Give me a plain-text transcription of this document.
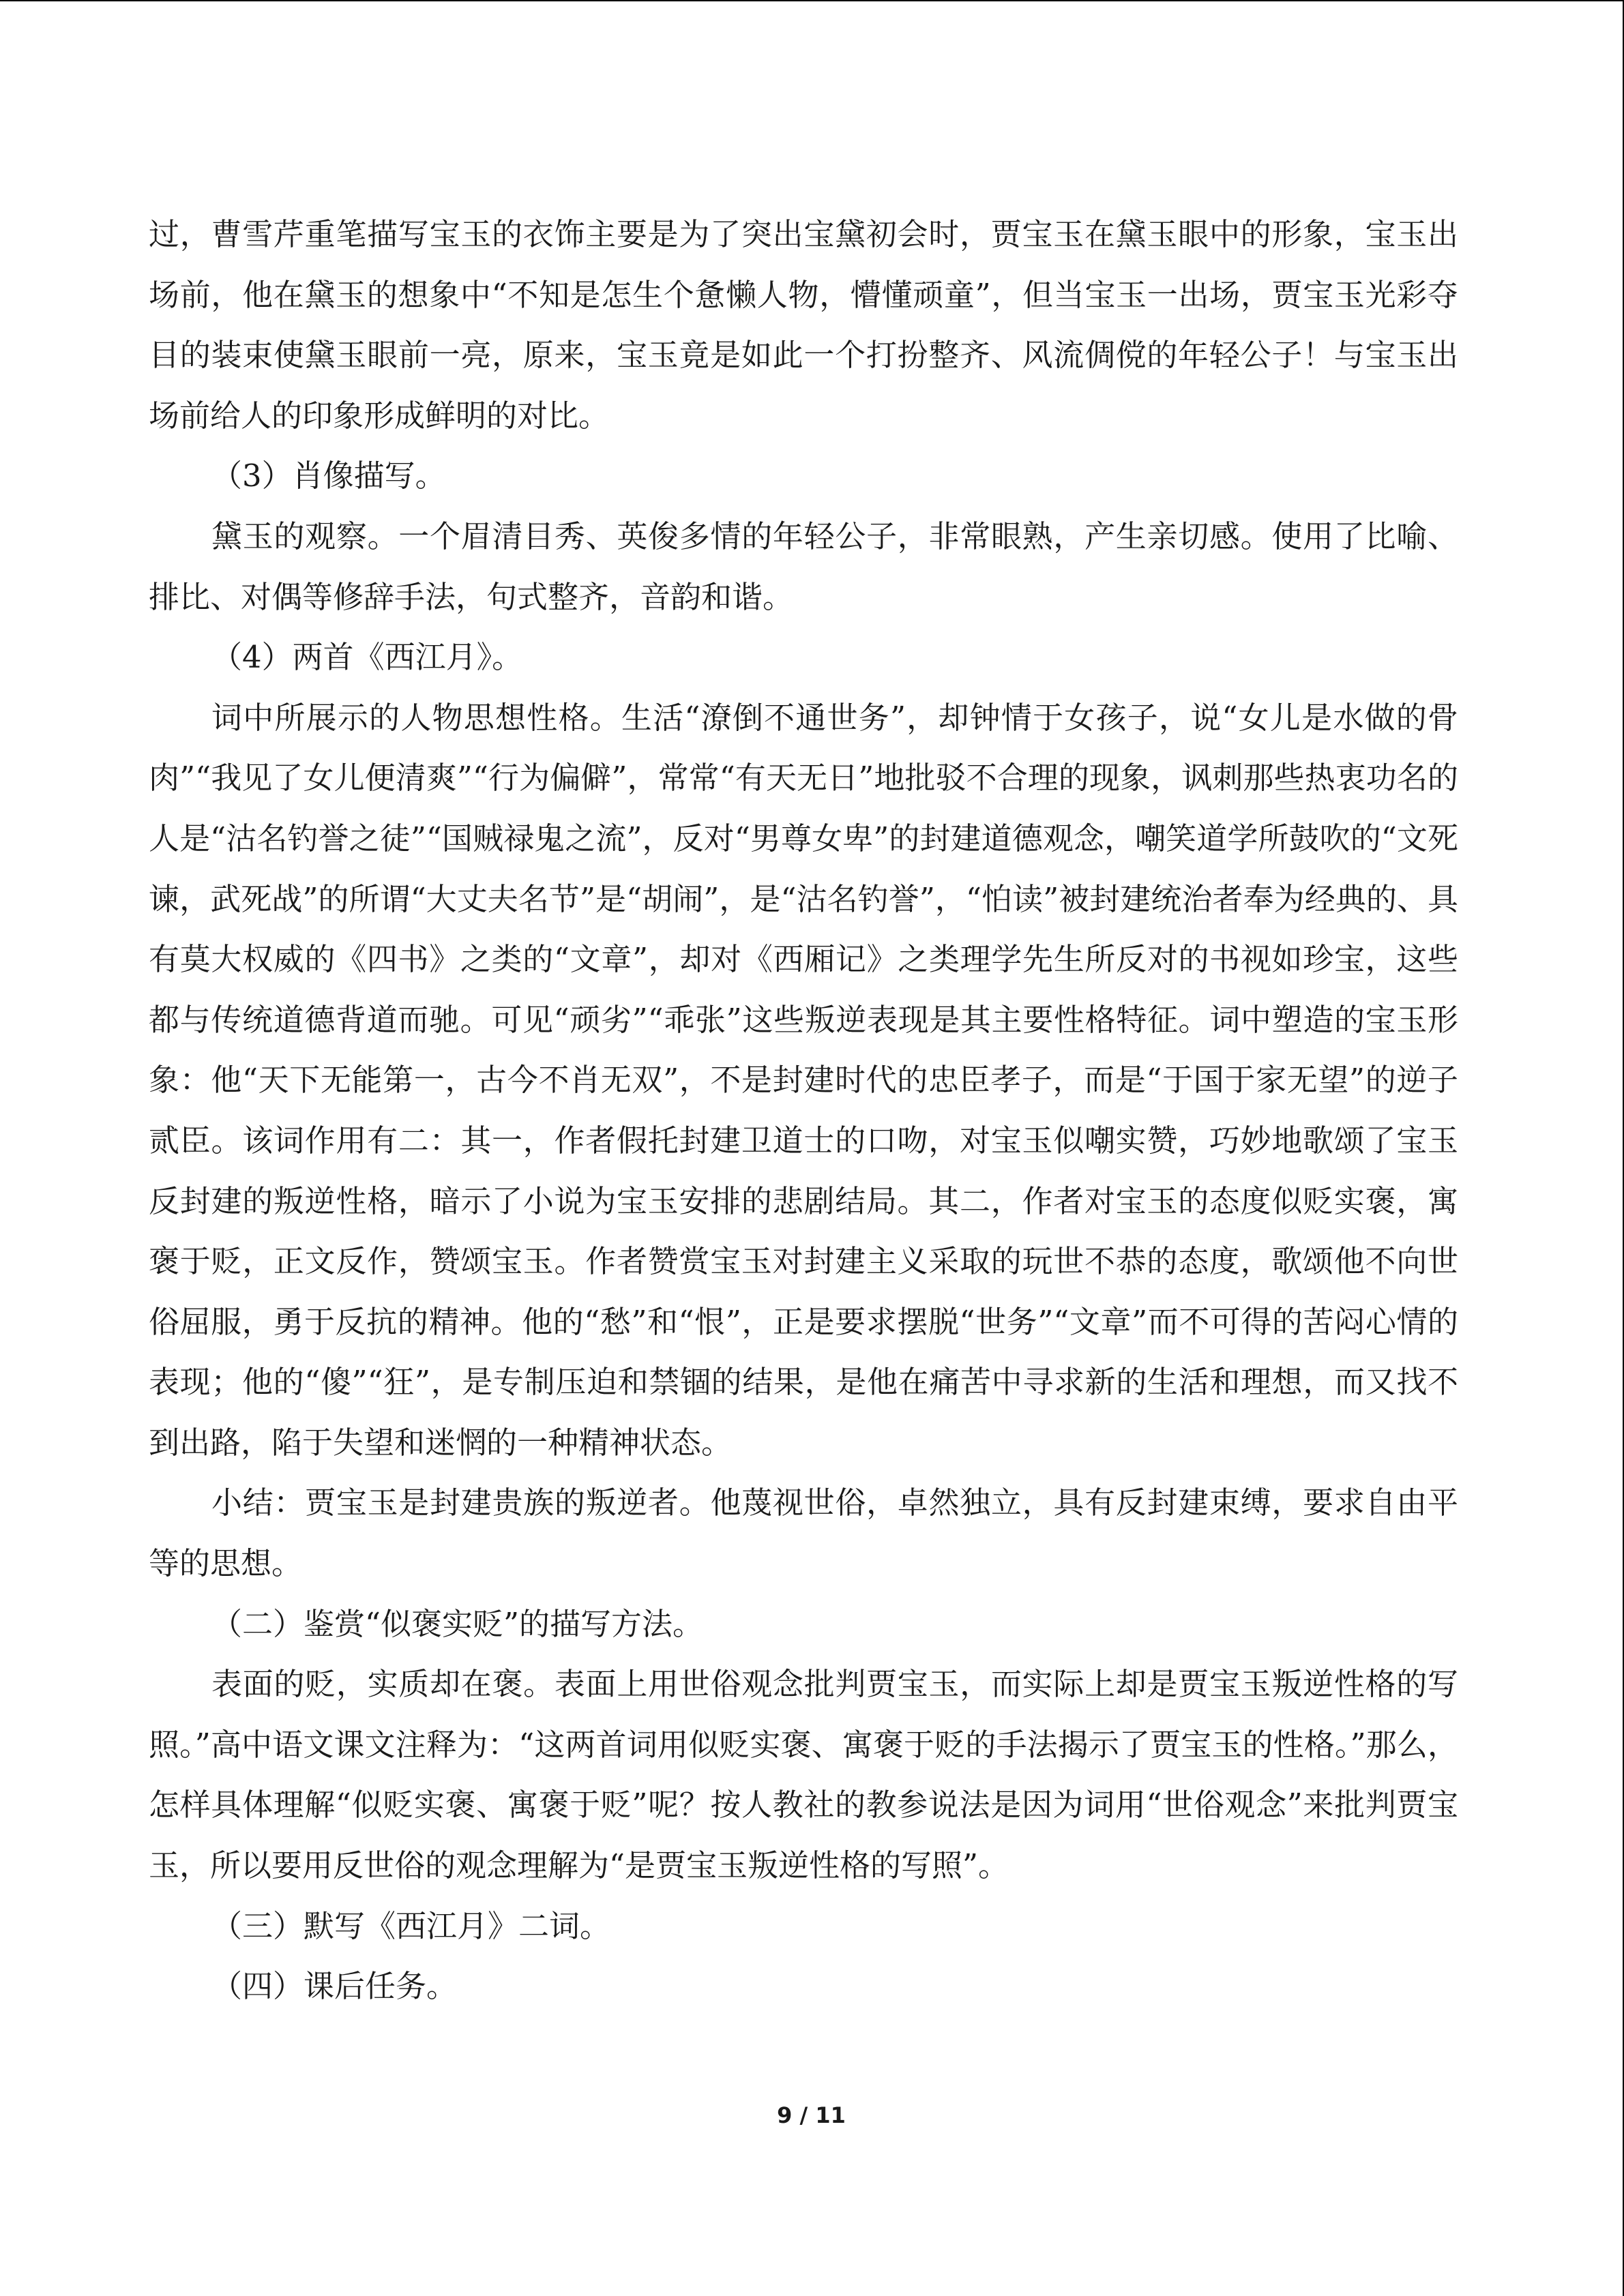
过，曹雪芹重笔描写宝玉的衣饰主要是为了突出宝黛初会时，贾宝玉在黛玉眼中的形象，宝玉出场前，他在黛玉的想象中“不知是怎生个惫懒人物，懵懂顽童”，但当宝玉一出场，贾宝玉光彩夺目的装束使黛玉眼前一亮，原来，宝玉竟是如此一个打扮整齐、风流倜傥的年轻公子！与宝玉出场前给人的印象形成鲜明的对比。

（3）肖像描写。

黛玉的观察。一个眉清目秀、英俊多情的年轻公子，非常眼熟，产生亲切感。使用了比喻、排比、对偶等修辞手法，句式整齐，音韵和谐。

（4）两首《西江月》。

词中所展示的人物思想性格。生活“潦倒不通世务”，却钟情于女孩子，说“女儿是水做的骨肉”“我见了女儿便清爽”“行为偏僻”，常常“有天无日”地批驳不合理的现象，讽刺那些热衷功名的人是“沽名钓誉之徒”“国贼禄鬼之流”，反对“男尊女卑”的封建道德观念，嘲笑道学所鼓吹的“文死谏，武死战”的所谓“大丈夫名节”是“胡闹”，是“沽名钓誉”，“怕读”被封建统治者奉为经典的、具有莫大权威的《四书》之类的“文章”，却对《西厢记》之类理学先生所反对的书视如珍宝，这些都与传统道德背道而驰。可见“顽劣”“乖张”这些叛逆表现是其主要性格特征。词中塑造的宝玉形象：他“天下无能第一，古今不肖无双”，不是封建时代的忠臣孝子，而是“于国于家无望”的逆子贰臣。该词作用有二：其一，作者假托封建卫道士的口吻，对宝玉似嘲实赞，巧妙地歌颂了宝玉反封建的叛逆性格，暗示了小说为宝玉安排的悲剧结局。其二，作者对宝玉的态度似贬实褒，寓褒于贬，正文反作，赞颂宝玉。作者赞赏宝玉对封建主义采取的玩世不恭的态度，歌颂他不向世俗屈服，勇于反抗的精神。他的“愁”和“恨”，正是要求摆脱“世务”“文章”而不可得的苦闷心情的表现；他的“傻”“狂”，是专制压迫和禁锢的结果，是他在痛苦中寻求新的生活和理想，而又找不到出路，陷于失望和迷惘的一种精神状态。

小结：贾宝玉是封建贵族的叛逆者。他蔑视世俗，卓然独立，具有反封建束缚，要求自由平等的思想。

（二）鉴赏“似褒实贬”的描写方法。

表面的贬，实质却在褒。表面上用世俗观念批判贾宝玉，而实际上却是贾宝玉叛逆性格的写照。”高中语文课文注释为：“这两首词用似贬实褒、寓褒于贬的手法揭示了贾宝玉的性格。”那么，怎样具体理解“似贬实褒、寓褒于贬”呢？按人教社的教参说法是因为词用“世俗观念”来批判贾宝玉，所以要用反世俗的观念理解为“是贾宝玉叛逆性格的写照”。

（三）默写《西江月》二词。

（四）课后任务。

9 / 11
